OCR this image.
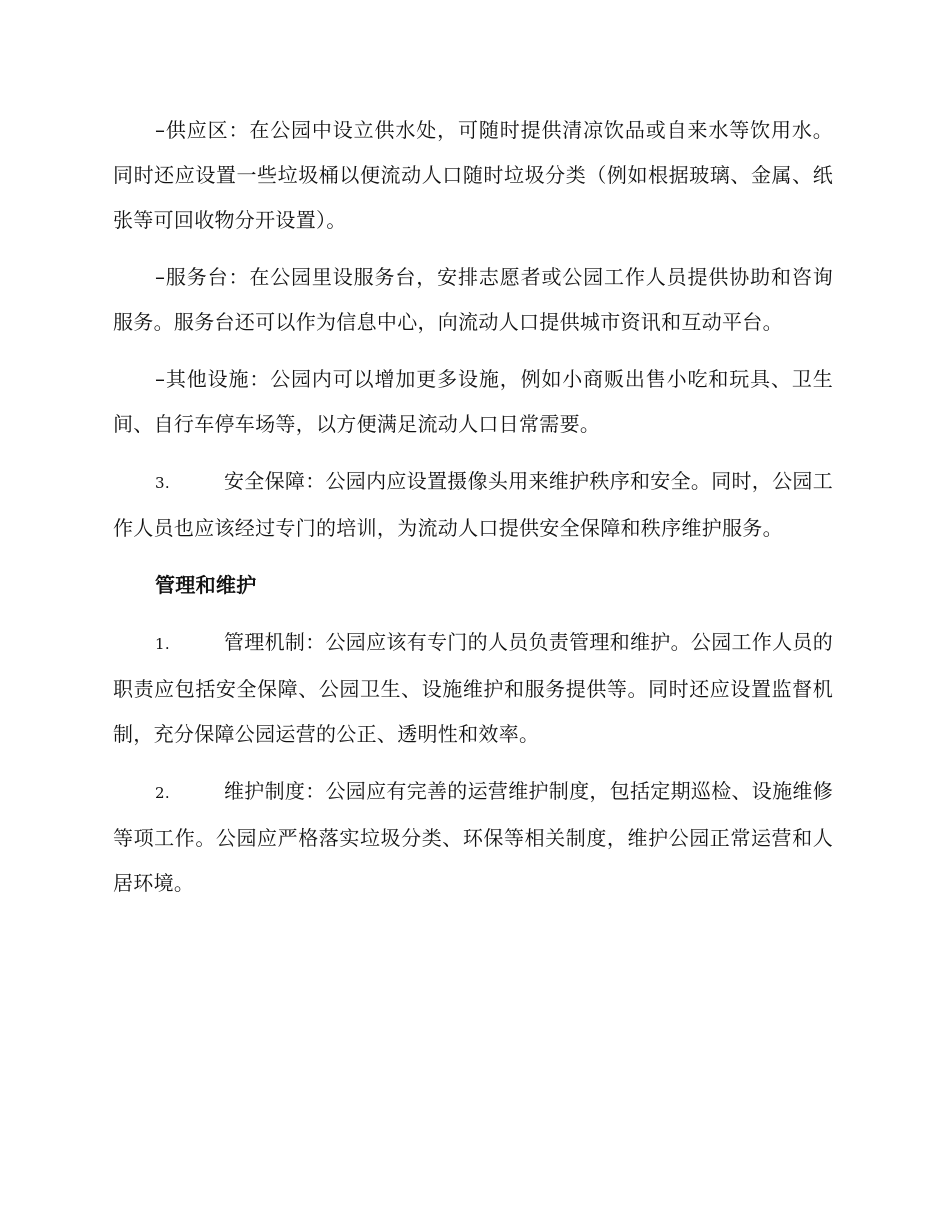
–供应区：在公园中设立供水处，可随时提供清凉饮品或自来水等饮用水。同时还应设置一些垃圾桶以便流动人口随时垃圾分类（例如根据玻璃、金属、纸张等可回收物分开设置）。

–服务台：在公园里设服务台，安排志愿者或公园工作人员提供协助和咨询服务。服务台还可以作为信息中心，向流动人口提供城市资讯和互动平台。

–其他设施：公园内可以增加更多设施，例如小商贩出售小吃和玩具、卫生间、自行车停车场等，以方便满足流动人口日常需要。

3.	安全保障：公园内应设置摄像头用来维护秩序和安全。同时，公园工作人员也应该经过专门的培训，为流动人口提供安全保障和秩序维护服务。

管理和维护

1.	管理机制：公园应该有专门的人员负责管理和维护。公园工作人员的职责应包括安全保障、公园卫生、设施维护和服务提供等。同时还应设置监督机制，充分保障公园运营的公正、透明性和效率。

2.	维护制度：公园应有完善的运营维护制度，包括定期巡检、设施维修等项工作。公园应严格落实垃圾分类、环保等相关制度，维护公园正常运营和人居环境。
